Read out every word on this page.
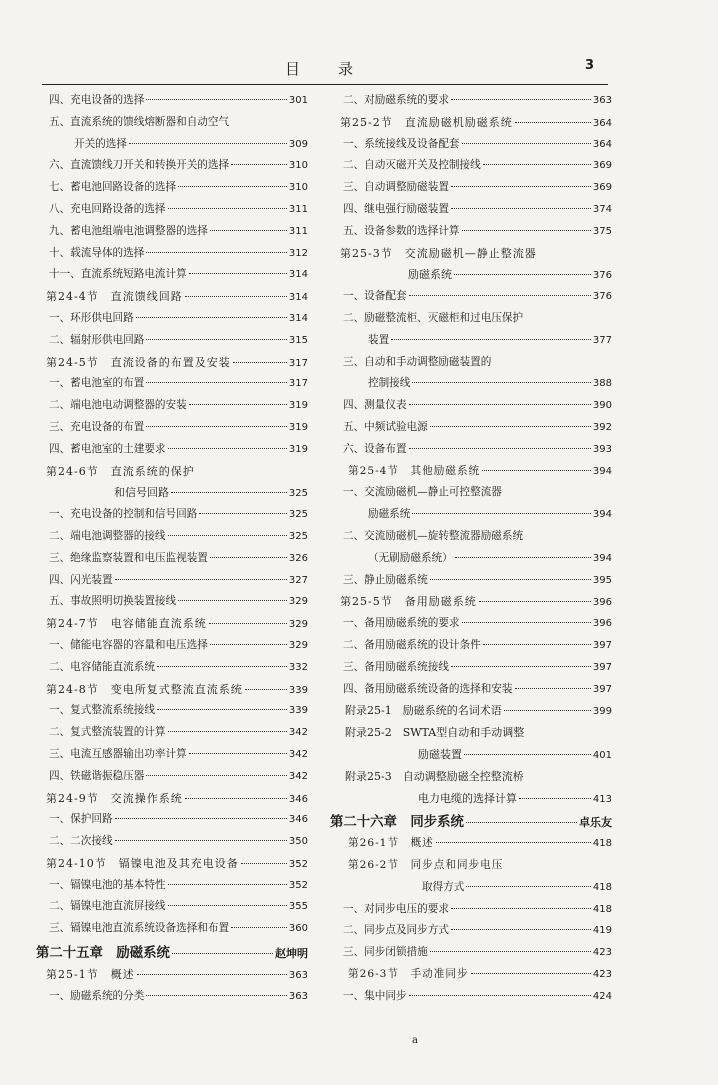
目录	3
四、充电设备的选择	301
五、直流系统的馈线熔断器和自动空气
开关的选择	309
六、直流馈线刀开关和转换开关的选择	310
七、蓄电池回路设备的选择	310
八、充电回路设备的选择	311
九、蓄电池组端电池调整器的选择	311
十、载流导体的选择	312
十一、直流系统短路电流计算	314
第24-4节　直流馈线回路	314
一、环形供电回路	314
二、辐射形供电回路	315
第24-5节　直流设备的布置及安装	317
一、蓄电池室的布置	317
二、端电池电动调整器的安装	319
三、充电设备的布置	319
四、蓄电池室的土建要求	319
第24-6节　直流系统的保护
和信号回路	325
一、充电设备的控制和信号回路	325
二、端电池调整器的接线	325
三、绝缘监察装置和电压监视装置	326
四、闪光装置	327
五、事故照明切换装置接线	329
第24-7节　电容储能直流系统	329
一、储能电容器的容量和电压选择	329
二、电容储能直流系统	332
第24-8节　变电所复式整流直流系统	339
一、复式整流系统接线	339
二、复式整流装置的计算	342
三、电流互感器输出功率计算	342
四、铁磁谐振稳压器	342
第24-9节　交流操作系统	346
一、保护回路	346
二、二次接线	350
第24-10节　镉镍电池及其充电设备	352
一、镉镍电池的基本特性	352
二、镉镍电池直流屏接线	355
三、镉镍电池直流系统设备选择和布置	360
第二十五章　励磁系统	赵坤明
第25-1节　概述	363
一、励磁系统的分类	363
二、对励磁系统的要求	363
第25-2节　直流励磁机励磁系统	364
一、系统接线及设备配套	364
二、自动灭磁开关及控制接线	369
三、自动调整励磁装置	369
四、继电强行励磁装置	374
五、设备参数的选择计算	375
第25-3节　交流励磁机—静止整流器
励磁系统	376
一、设备配套	376
二、励磁整流柜、灭磁柜和过电压保护
装置	377
三、自动和手动调整励磁装置的
控制接线	388
四、测量仪表	390
五、中频试验电源	392
六、设备布置	393
第25-4节　其他励磁系统	394
一、交流励磁机—静止可控整流器
励磁系统	394
二、交流励磁机—旋转整流器励磁系统
（无刷励磁系统）	394
三、静止励磁系统	395
第25-5节　备用励磁系统	396
一、备用励磁系统的要求	396
二、备用励磁系统的设计条件	397
三、备用励磁系统接线	397
四、备用励磁系统设备的选择和安装	397
附录25-1　励磁系统的名词术语	399
附录25-2　SWTA型自动和手动调整
励磁装置	401
附录25-3　自动调整励磁全控整流桥
电力电缆的选择计算	413
第二十六章　同步系统	卓乐友
第26-1节　概述	418
第26-2节　同步点和同步电压
取得方式	418
一、对同步电压的要求	418
二、同步点及同步方式	419
三、同步闭锁措施	423
第26-3节　手动准同步	423
一、集中同步	424
a
